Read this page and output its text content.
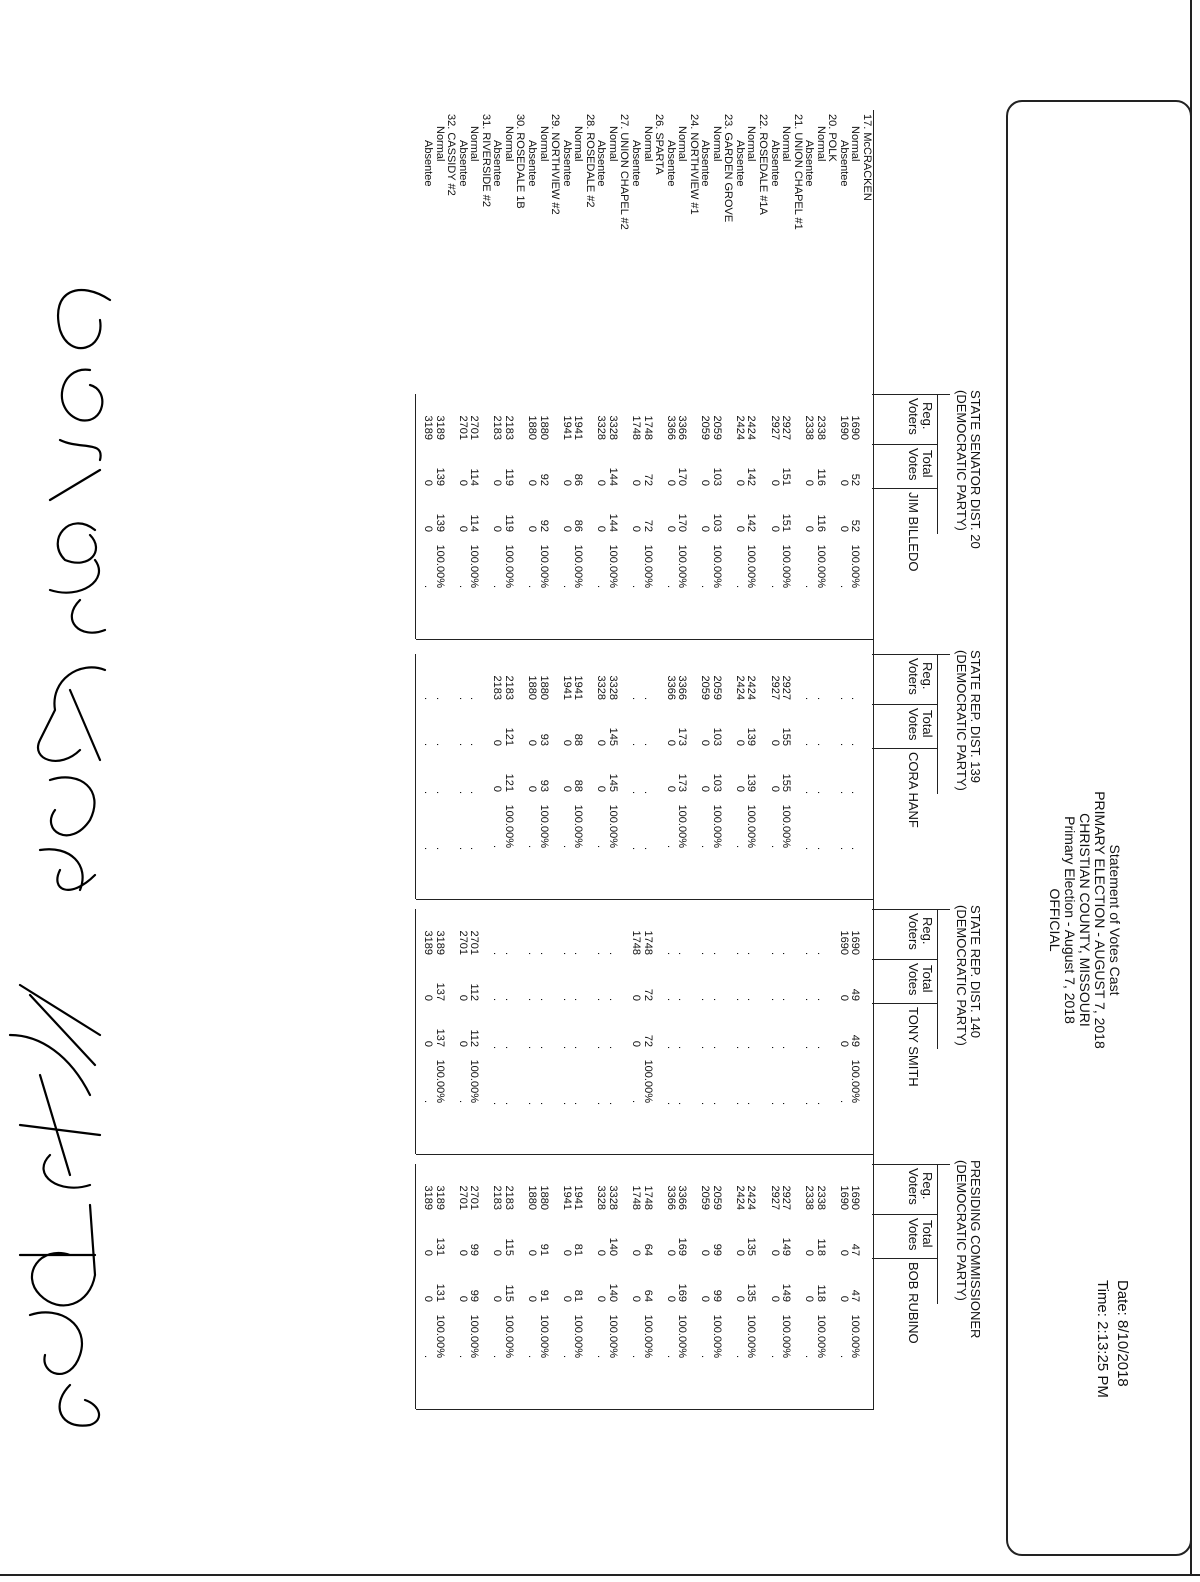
Statement of Votes Cast
PRIMARY ELECTION - AUGUST 7, 2018
CHRISTIAN COUNTY, MISSOURI
Primary Election - August 7, 2018
OFFICIAL
Date: 8/10/2018
Time: 2:13:25 PM
STATE SENATOR DIST. 20
(DEMOCRATIC PARTY)
Reg.
Voters
Total
Votes
JIM BILLEDO
STATE REP. DIST. 139
(DEMOCRATIC PARTY)
Reg.
Voters
Total
Votes
CORA HANF
STATE REP. DIST. 140
(DEMOCRATIC PARTY)
Reg.
Voters
Total
Votes
TONY SMITH
PRESIDING COMMISSIONER
(DEMOCRATIC PARTY)
Reg.
Voters
Total
Votes
BOB RUBINO
17. McCRACKEN
Normal
1690
52
52
100.00%
.
.
.
.
1690
49
49
100.00%
1690
47
47
100.00%
Absentee
1690
0
0
.
.
.
.
.
1690
0
0
.
1690
0
0
.
20. POLK
Normal
2338
116
116
100.00%
.
.
.
.
.
.
.
.
2338
118
118
100.00%
Absentee
2338
0
0
.
.
.
.
.
.
.
.
.
2338
0
0
.
21. UNION CHAPEL #1
Normal
2927
151
151
100.00%
2927
155
155
100.00%
.
.
.
.
2927
149
149
100.00%
Absentee
2927
0
0
.
2927
0
0
.
.
.
.
.
2927
0
0
.
22. ROSEDALE #1A
Normal
2424
142
142
100.00%
2424
139
139
100.00%
.
.
.
.
2424
135
135
100.00%
Absentee
2424
0
0
.
2424
0
0
.
.
.
.
.
2424
0
0
.
23. GARDEN GROVE
Normal
2059
103
103
100.00%
2059
103
103
100.00%
.
.
.
.
2059
99
99
100.00%
Absentee
2059
0
0
.
2059
0
0
.
.
.
.
.
2059
0
0
.
24. NORTHVIEW #1
Normal
3366
170
170
100.00%
3366
173
173
100.00%
.
.
.
.
3366
169
169
100.00%
Absentee
3366
0
0
.
3366
0
0
.
.
.
.
.
3366
0
0
.
26. SPARTA
Normal
1748
72
72
100.00%
.
.
.
.
1748
72
72
100.00%
1748
64
64
100.00%
Absentee
1748
0
0
.
.
.
.
.
1748
0
0
.
1748
0
0
.
27. UNION CHAPEL #2
Normal
3328
144
144
100.00%
3328
145
145
100.00%
.
.
.
.
3328
140
140
100.00%
Absentee
3328
0
0
.
3328
0
0
.
.
.
.
.
3328
0
0
.
28. ROSEDALE #2
Normal
1941
86
86
100.00%
1941
88
88
100.00%
.
.
.
.
1941
81
81
100.00%
Absentee
1941
0
0
.
1941
0
0
.
.
.
.
.
1941
0
0
.
29. NORTHVIEW #2
Normal
1880
92
92
100.00%
1880
93
93
100.00%
.
.
.
.
1880
91
91
100.00%
Absentee
1880
0
0
.
1880
0
0
.
.
.
.
.
1880
0
0
.
30. ROSEDALE 1B
Normal
2183
119
119
100.00%
2183
121
121
100.00%
.
.
.
.
2183
115
115
100.00%
Absentee
2183
0
0
.
2183
0
0
.
.
.
.
.
2183
0
0
.
31. RIVERSIDE #2
Normal
2701
114
114
100.00%
.
.
.
.
2701
112
112
100.00%
2701
99
99
100.00%
Absentee
2701
0
0
.
.
.
.
.
2701
0
0
.
2701
0
0
.
32. CASSIDY #2
Normal
3189
139
139
100.00%
.
.
.
.
3189
137
137
100.00%
3189
131
131
100.00%
Absentee
3189
0
0
.
.
.
.
.
3189
0
0
.
3189
0
0
.
